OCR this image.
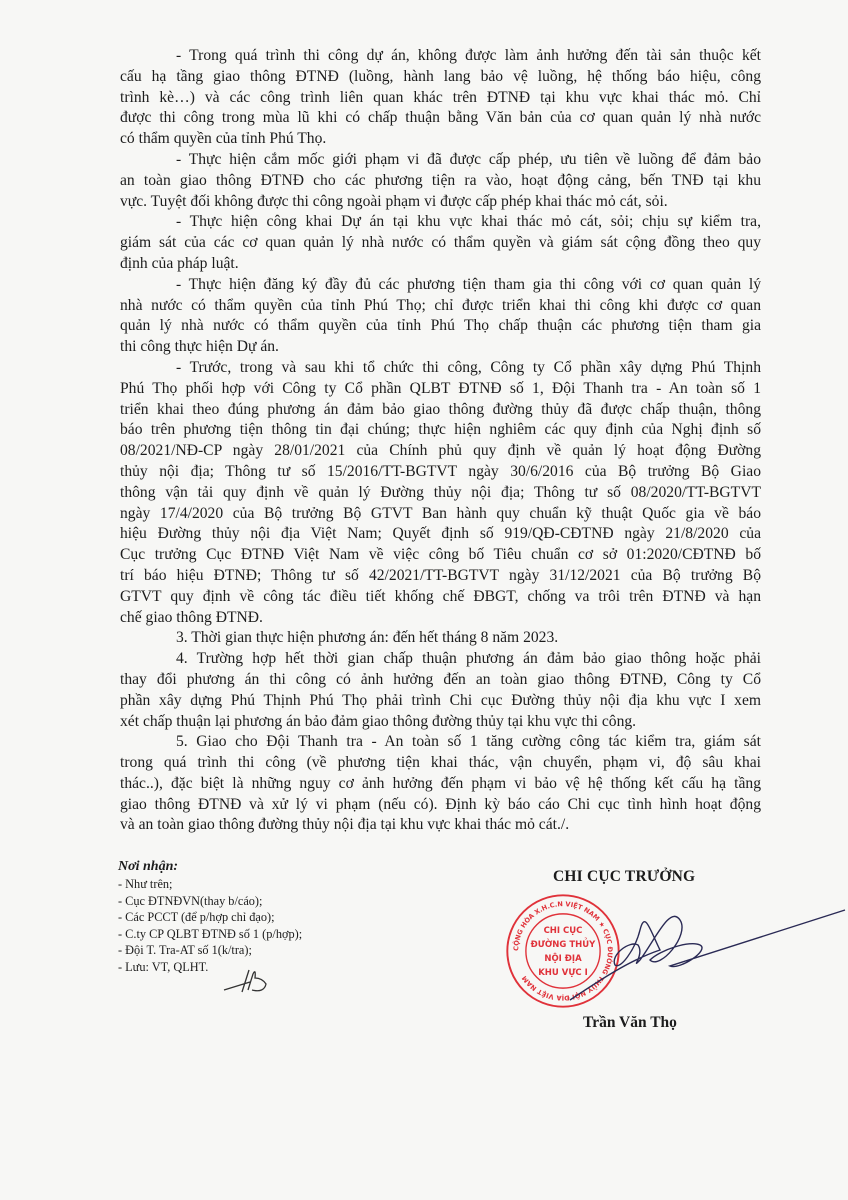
- Trong quá trình thi công dự án, không được làm ảnh hưởng đến tài sản thuộc kết
cấu hạ tầng giao thông ĐTNĐ (luồng, hành lang bảo vệ luồng, hệ thống báo hiệu, công
trình kè…) và các công trình liên quan khác trên ĐTNĐ tại khu vực khai thác mỏ. Chỉ
được thi công trong mùa lũ khi có chấp thuận bằng Văn bản của cơ quan quản lý nhà nước
có thẩm quyền của tỉnh Phú Thọ.
- Thực hiện cắm mốc giới phạm vi đã được cấp phép, ưu tiên về luồng để đảm bảo
an toàn giao thông ĐTNĐ cho các phương tiện ra vào, hoạt động cảng, bến TNĐ tại khu
vực. Tuyệt đối không được thi công ngoài phạm vi được cấp phép khai thác mỏ cát, sỏi.
- Thực hiện công khai Dự án tại khu vực khai thác mỏ cát, sỏi; chịu sự kiểm tra,
giám sát của các cơ quan quản lý nhà nước có thẩm quyền và giám sát cộng đồng theo quy
định của pháp luật.
- Thực hiện đăng ký đầy đủ các phương tiện tham gia thi công với cơ quan quản lý
nhà nước có thẩm quyền của tỉnh Phú Thọ; chỉ được triển khai thi công khi được cơ quan
quản lý nhà nước có thẩm quyền của tỉnh Phú Thọ chấp thuận các phương tiện tham gia
thi công thực hiện Dự án.
- Trước, trong và sau khi tổ chức thi công, Công ty Cổ phần xây dựng Phú Thịnh
Phú Thọ phối hợp với Công ty Cổ phần QLBT ĐTNĐ số 1, Đội Thanh tra - An toàn số 1
triển khai theo đúng phương án đảm bảo giao thông đường thủy đã được chấp thuận, thông
báo trên phương tiện thông tin đại chúng; thực hiện nghiêm các quy định của Nghị định số
08/2021/NĐ-CP ngày 28/01/2021 của Chính phủ quy định về quản lý hoạt động Đường
thủy nội địa; Thông tư số 15/2016/TT-BGTVT ngày 30/6/2016 của Bộ trưởng Bộ Giao
thông vận tải quy định về quản lý Đường thủy nội địa; Thông tư số 08/2020/TT-BGTVT
ngày 17/4/2020 của Bộ trưởng Bộ GTVT Ban hành quy chuẩn kỹ thuật Quốc gia về báo
hiệu Đường thủy nội địa Việt Nam; Quyết định số 919/QĐ-CĐTNĐ ngày 21/8/2020 của
Cục trưởng Cục ĐTNĐ Việt Nam về việc công bố Tiêu chuẩn cơ sở 01:2020/CĐTNĐ bố
trí báo hiệu ĐTNĐ; Thông tư số 42/2021/TT-BGTVT ngày 31/12/2021 của Bộ trưởng Bộ
GTVT quy định về công tác điều tiết khống chế ĐBGT, chống va trôi trên ĐTNĐ và hạn
chế giao thông ĐTNĐ.
3. Thời gian thực hiện phương án: đến hết tháng 8 năm 2023.
4. Trường hợp hết thời gian chấp thuận phương án đảm bảo giao thông hoặc phải
thay đổi phương án thi công có ảnh hưởng đến an toàn giao thông ĐTNĐ, Công ty Cổ
phần xây dựng Phú Thịnh Phú Thọ phải trình Chi cục Đường thủy nội địa khu vực I xem
xét chấp thuận lại phương án bảo đảm giao thông đường thủy tại khu vực thi công.
5. Giao cho Đội Thanh tra - An toàn số 1 tăng cường công tác kiểm tra, giám sát
trong quá trình thi công (về phương tiện khai thác, vận chuyển, phạm vi, độ sâu khai
thác..), đặc biệt là những nguy cơ ảnh hưởng đến phạm vi bảo vệ hệ thống kết cấu hạ tầng
giao thông ĐTNĐ và xử lý vi phạm (nếu có). Định kỳ báo cáo Chi cục tình hình hoạt động
và an toàn giao thông đường thủy nội địa tại khu vực khai thác mỏ cát./.
Nơi nhận:
- Như trên;
- Cục ĐTNĐVN(thay b/cáo);
- Các PCCT (để p/hợp chỉ đạo);
- C.ty CP QLBT ĐTNĐ số 1 (p/hợp);
- Đội T. Tra-AT số 1(k/tra);
- Lưu: VT, QLHT.
CHI CỤC TRƯỞNG
CỘNG HÒA X.H.C.N VIỆT NAM ★ CỤC ĐƯỜNG THỦY NỘI ĐỊA VIỆT NAM
CHI CỤC
ĐƯỜNG THỦY
NỘI ĐỊA
KHU VỰC I
Trần Văn Thọ
